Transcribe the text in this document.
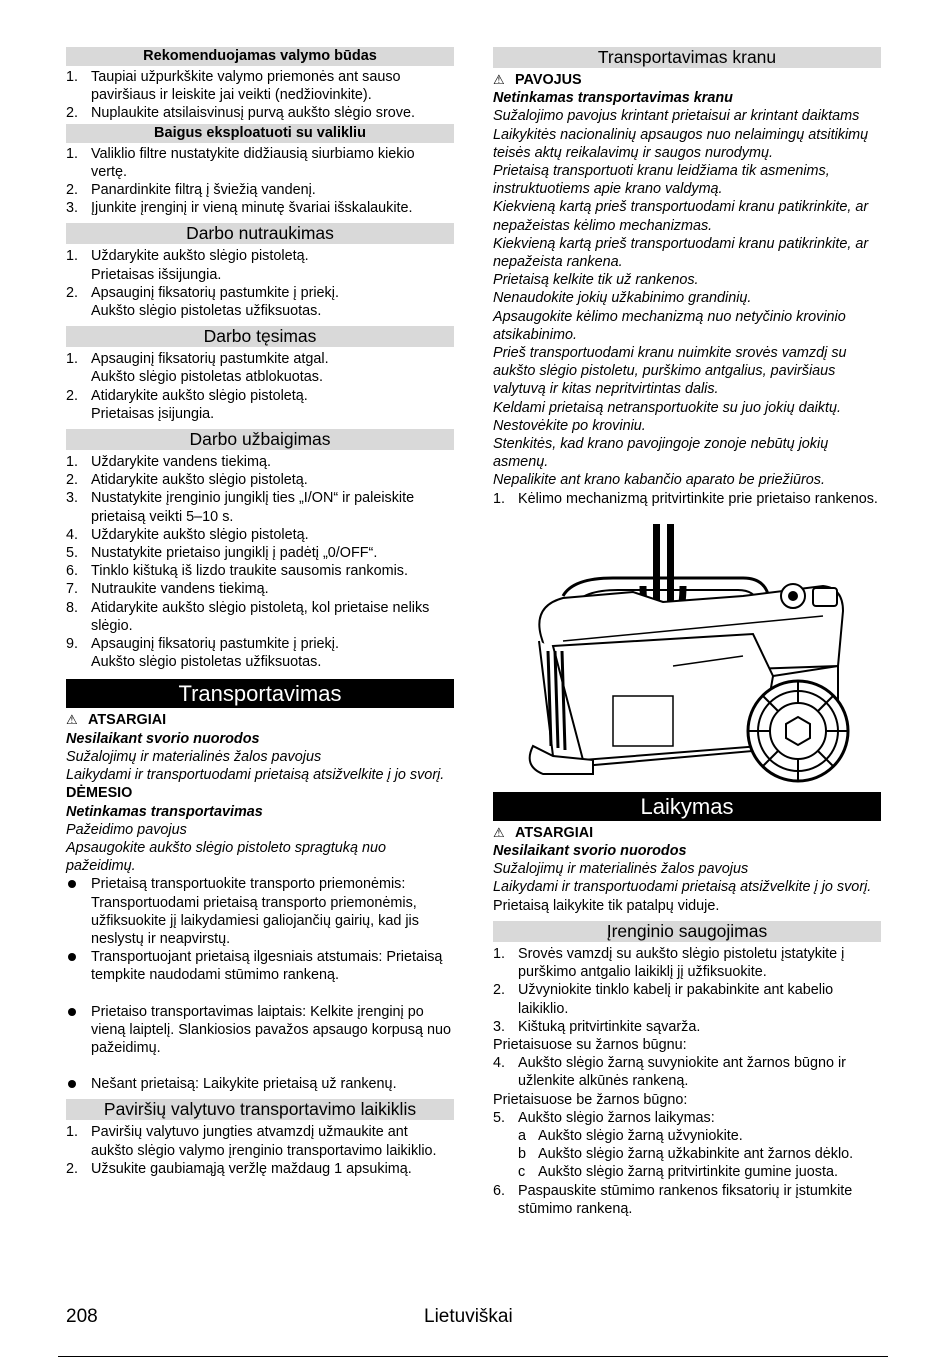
Rekomenduojamas valymo būdas
1. Taupiai užpurkškite valymo priemonės ant sauso paviršiaus ir leiskite jai veikti (nedžiovinkite).
2. Nuplaukite atsilaisvinusį purvą aukšto slėgio srove.
Baigus eksploatuoti su valikliu
1. Valiklio filtre nustatykite didžiausią siurbiamo kiekio vertę.
2. Panardinkite filtrą į šviežią vandenį.
3. Įjunkite įrenginį ir vieną minutę švariai išskalaukite.
Darbo nutraukimas
1. Uždarykite aukšto slėgio pistoletą.
Prietaisas išsijungia.
2. Apsauginį fiksatorių pastumkite į priekį.
Aukšto slėgio pistoletas užfiksuotas.
Darbo tęsimas
1. Apsauginį fiksatorių pastumkite atgal.
Aukšto slėgio pistoletas atblokuotas.
2. Atidarykite aukšto slėgio pistoletą.
Prietaisas įsijungia.
Darbo užbaigimas
1. Uždarykite vandens tiekimą.
2. Atidarykite aukšto slėgio pistoletą.
3. Nustatykite įrenginio jungiklį ties „I/ON“ ir paleiskite prietaisą veikti 5–10 s.
4. Uždarykite aukšto slėgio pistoletą.
5. Nustatykite prietaiso jungiklį į padėtį „0/OFF“.
6. Tinklo kištuką iš lizdo traukite sausomis rankomis.
7. Nutraukite vandens tiekimą.
8. Atidarykite aukšto slėgio pistoletą, kol prietaise neliks slėgio.
9. Apsauginį fiksatorių pastumkite į priekį.
Aukšto slėgio pistoletas užfiksuotas.
Transportavimas
⚠ ATSARGIAI
Nesilaikant svorio nuorodos
Sužalojimų ir materialinės žalos pavojus
Laikydami ir transportuodami prietaisą atsižvelkite į jo svorį.
DĖMESIO
Netinkamas transportavimas
Pažeidimo pavojus
Apsaugokite aukšto slėgio pistoleto spragtuką nuo pažeidimų.
Prietaisą transportuokite transporto priemonėmis: Transportuodami prietaisą transporto priemonėmis, užfiksuokite jį laikydamiesi galiojančių gairių, kad jis neslystų ir neapvirstų.
Transportuojant prietaisą ilgesniais atstumais: Prietaisą tempkite naudodami stūmimo rankeną.
Prietaiso transportavimas laiptais: Kelkite įrenginį po vieną laiptelį. Slankiosios pavažos apsaugo korpusą nuo pažeidimų.
Nešant prietaisą: Laikykite prietaisą už rankenų.
Paviršių valytuvo transportavimo laikiklis
1. Paviršių valytuvo jungties atvamzdį užmaukite ant aukšto slėgio valymo įrenginio transportavimo laikiklio.
2. Užsukite gaubiamąją veržlę maždaug 1 apsukimą.
Transportavimas kranu
⚠ PAVOJUS
Netinkamas transportavimas kranu
Sužalojimo pavojus krintant prietaisui ar krintant daiktams
Laikykitės nacionalinių apsaugos nuo nelaimingų atsitikimų teisės aktų reikalavimų ir saugos nurodymų.
Prietaisą transportuoti kranu leidžiama tik asmenims, instruktuotiems apie krano valdymą.
Kiekvieną kartą prieš transportuodami kranu patikrinkite, ar nepažeistas kėlimo mechanizmas.
Kiekvieną kartą prieš transportuodami kranu patikrinkite, ar nepažeista rankena.
Prietaisą kelkite tik už rankenos.
Nenaudokite jokių užkabinimo grandinių.
Apsaugokite kėlimo mechanizmą nuo netyčinio krovinio atsikabinimo.
Prieš transportuodami kranu nuimkite srovės vamzdį su aukšto slėgio pistoletu, purškimo antgalius, paviršiaus valytuvą ir kitas nepritvirtintas dalis.
Keldami prietaisą netransportuokite su juo jokių daiktų.
Nestovėkite po kroviniu.
Stenkitės, kad krano pavojingoje zonoje nebūtų jokių asmenų.
Nepalikite ant krano kabančio aparato be priežiūros.
1. Kėlimo mechanizmą pritvirtinkite prie prietaiso rankenos.
Laikymas
⚠ ATSARGIAI
Nesilaikant svorio nuorodos
Sužalojimų ir materialinės žalos pavojus
Laikydami ir transportuodami prietaisą atsižvelkite į jo svorį.
Prietaisą laikykite tik patalpų viduje.
Įrenginio saugojimas
1. Srovės vamzdį su aukšto slėgio pistoletu įstatykite į purškimo antgalio laikiklį jį užfiksuokite.
2. Užvyniokite tinklo kabelį ir pakabinkite ant kabelio laikiklio.
3. Kištuką pritvirtinkite sąvarža.
Prietaisuose su žarnos būgnu:
4. Aukšto slėgio žarną suvyniokite ant žarnos būgno ir užlenkite alkūnės rankeną.
Prietaisuose be žarnos būgno:
5. Aukšto slėgio žarnos laikymas:
a Aukšto slėgio žarną užvyniokite.
b Aukšto slėgio žarną užkabinkite ant žarnos dėklo.
c Aukšto slėgio žarną pritvirtinkite gumine juosta.
6. Paspauskite stūmimo rankenos fiksatorių ir įstumkite stūmimo rankeną.
208	Lietuviškai
